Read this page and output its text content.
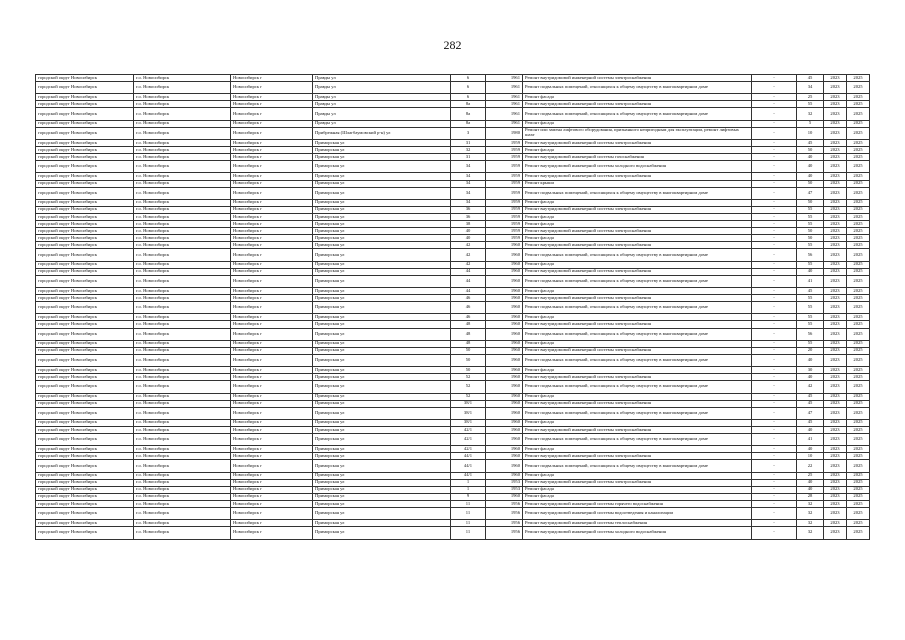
282
городской округ Новосибирск	г.о. Новосибирск	Новосибирск г	Правды ул	6	1961	Ремонт внутридомовой инженерной системы электроснабжения	-	45	2023	2025
городской округ Новосибирск	г.о. Новосибирск	Новосибирск г	Правды ул	6	1961	Ремонт подвальных помещений, относящихся к общему имуществу в многоквартирном доме	-	34	2023	2025
городской округ Новосибирск	г.о. Новосибирск	Новосибирск г	Правды ул	6	1961	Ремонт фасада	-	25	2023	2025
городской округ Новосибирск	г.о. Новосибирск	Новосибирск г	Правды ул	8а	1961	Ремонт внутридомовой инженерной системы электроснабжения	-	55	2023	2025
городской округ Новосибирск	г.о. Новосибирск	Новосибирск г	Правды ул	8а	1961	Ремонт подвальных помещений, относящихся к общему имуществу в многоквартирном доме	-	32	2023	2025
городской округ Новосибирск	г.о. Новосибирск	Новосибирск г	Правды ул	8а	1961	Ремонт фасада	-	5	2023	2025
городской округ Новосибирск	г.о. Новосибирск	Новосибирск г	Прибрежная (Шлагбаумовский р-н) ул	3	1980	Ремонт или замена лифтового оборудования, признанного непригодным для эксплуатации, ремонт лифтовых шахт	-	10	2023	2025
городской округ Новосибирск	г.о. Новосибирск	Новосибирск г	Приморская ул	31	1959	Ремонт внутридомовой инженерной системы электроснабжения	-	45	2023	2025
городской округ Новосибирск	г.о. Новосибирск	Новосибирск г	Приморская ул	32	1959	Ремонт фасада	-	50	2023	2025
городской округ Новосибирск	г.о. Новосибирск	Новосибирск г	Приморская ул	31	1959	Ремонт внутридомовой инженерной системы газоснабжения	-	40	2023	2025
городской округ Новосибирск	г.о. Новосибирск	Новосибирск г	Приморская ул	34	1959	Ремонт внутридомовой инженерной системы холодного водоснабжения	-	40	2023	2025
городской округ Новосибирск	г.о. Новосибирск	Новосибирск г	Приморская ул	34	1959	Ремонт внутридомовой инженерной системы электроснабжения	-	40	2023	2025
городской округ Новосибирск	г.о. Новосибирск	Новосибирск г	Приморская ул	34	1959	Ремонт крыши	-	50	2023	2025
городской округ Новосибирск	г.о. Новосибирск	Новосибирск г	Приморская ул	34	1959	Ремонт подвальных помещений, относящихся к общему имуществу в многоквартирном доме	-	47	2023	2025
городской округ Новосибирск	г.о. Новосибирск	Новосибирск г	Приморская ул	34	1959	Ремонт фасада	-	50	2023	2025
городской округ Новосибирск	г.о. Новосибирск	Новосибирск г	Приморская ул	36	1959	Ремонт внутридомовой инженерной системы электроснабжения	-	55	2023	2025
городской округ Новосибирск	г.о. Новосибирск	Новосибирск г	Приморская ул	36	1959	Ремонт фасада	-	55	2023	2025
городской округ Новосибирск	г.о. Новосибирск	Новосибирск г	Приморская ул	38	1959	Ремонт фасада	-	55	2023	2025
городской округ Новосибирск	г.о. Новосибирск	Новосибирск г	Приморская ул	40	1959	Ремонт внутридомовой инженерной системы электроснабжения	-	50	2023	2025
городской округ Новосибирск	г.о. Новосибирск	Новосибирск г	Приморская ул	40	1959	Ремонт фасада	-	50	2023	2025
городской округ Новосибирск	г.о. Новосибирск	Новосибирск г	Приморская ул	42	1960	Ремонт внутридомовой инженерной системы электроснабжения	-	55	2023	2025
городской округ Новосибирск	г.о. Новосибирск	Новосибирск г	Приморская ул	42	1960	Ремонт подвальных помещений, относящихся к общему имуществу в многоквартирном доме	-	56	2023	2025
городской округ Новосибирск	г.о. Новосибирск	Новосибирск г	Приморская ул	42	1960	Ремонт фасада	-	55	2023	2025
городской округ Новосибирск	г.о. Новосибирск	Новосибирск г	Приморская ул	44	1960	Ремонт внутридомовой инженерной системы электроснабжения	-	40	2023	2025
городской округ Новосибирск	г.о. Новосибирск	Новосибирск г	Приморская ул	44	1960	Ремонт подвальных помещений, относящихся к общему имуществу в многоквартирном доме	-	41	2023	2025
городской округ Новосибирск	г.о. Новосибирск	Новосибирск г	Приморская ул	44	1960	Ремонт фасада	-	45	2023	2025
городской округ Новосибирск	г.о. Новосибирск	Новосибирск г	Приморская ул	46	1960	Ремонт внутридомовой инженерной системы электроснабжения	-	55	2023	2025
городской округ Новосибирск	г.о. Новосибирск	Новосибирск г	Приморская ул	46	1960	Ремонт подвальных помещений, относящихся к общему имуществу в многоквартирном доме	-	55	2023	2025
городской округ Новосибирск	г.о. Новосибирск	Новосибирск г	Приморская ул	46	1960	Ремонт фасада	-	55	2023	2025
городской округ Новосибирск	г.о. Новосибирск	Новосибирск г	Приморская ул	48	1960	Ремонт внутридомовой инженерной системы электроснабжения	-	55	2023	2025
городской округ Новосибирск	г.о. Новосибирск	Новосибирск г	Приморская ул	48	1960	Ремонт подвальных помещений, относящихся к общему имуществу в многоквартирном доме	-	56	2023	2025
городской округ Новосибирск	г.о. Новосибирск	Новосибирск г	Приморская ул	48	1960	Ремонт фасада	-	55	2023	2025
городской округ Новосибирск	г.о. Новосибирск	Новосибирск г	Приморская ул	50	1960	Ремонт внутридомовой инженерной системы электроснабжения	-	20	2023	2025
городской округ Новосибирск	г.о. Новосибирск	Новосибирск г	Приморская ул	50	1960	Ремонт подвальных помещений, относящихся к общему имуществу в многоквартирном доме	-	40	2023	2025
городской округ Новосибирск	г.о. Новосибирск	Новосибирск г	Приморская ул	50	1960	Ремонт фасада	-	30	2023	2025
городской округ Новосибирск	г.о. Новосибирск	Новосибирск г	Приморская ул	52	1960	Ремонт внутридомовой инженерной системы электроснабжения	-	40	2023	2025
городской округ Новосибирск	г.о. Новосибирск	Новосибирск г	Приморская ул	52	1960	Ремонт подвальных помещений, относящихся к общему имуществу в многоквартирном доме	-	42	2023	2025
городской округ Новосибирск	г.о. Новосибирск	Новосибирск г	Приморская ул	52	1960	Ремонт фасада	-	45	2023	2025
городской округ Новосибирск	г.о. Новосибирск	Новосибирск г	Приморская ул	38/1	1960	Ремонт внутридомовой инженерной системы электроснабжения	-	45	2023	2025
городской округ Новосибирск	г.о. Новосибирск	Новосибирск г	Приморская ул	38/1	1960	Ремонт подвальных помещений, относящихся к общему имуществу в многоквартирном доме	-	47	2023	2025
городской округ Новосибирск	г.о. Новосибирск	Новосибирск г	Приморская ул	38/1	1960	Ремонт фасада	-	45	2023	2025
городской округ Новосибирск	г.о. Новосибирск	Новосибирск г	Приморская ул	42/1	1960	Ремонт внутридомовой инженерной системы электроснабжения	-	40	2023	2025
городской округ Новосибирск	г.о. Новосибирск	Новосибирск г	Приморская ул	42/1	1960	Ремонт подвальных помещений, относящихся к общему имуществу в многоквартирном доме	-	41	2023	2025
городской округ Новосибирск	г.о. Новосибирск	Новосибирск г	Приморская ул	42/1	1960	Ремонт фасада	-	40	2023	2025
городской округ Новосибирск	г.о. Новосибирск	Новосибирск г	Приморская ул	44/1	1960	Ремонт внутридомовой инженерной системы электроснабжения	-	10	2023	2025
городской округ Новосибирск	г.о. Новосибирск	Новосибирск г	Приморская ул	44/1	1960	Ремонт подвальных помещений, относящихся к общему имуществу в многоквартирном доме	-	22	2023	2025
городской округ Новосибирск	г.о. Новосибирск	Новосибирск г	Приморская ул	44/1	1960	Ремонт фасада	-	25	2023	2025
городской округ Новосибирск	г.о. Новосибирск	Новосибирск г	Приморская ул	1	1953	Ремонт внутридомовой инженерной системы электроснабжения	-	40	2023	2025
городской округ Новосибирск	г.о. Новосибирск	Новосибирск г	Приморская ул	1	1953	Ремонт фасада	-	40	2023	2025
городской округ Новосибирск	г.о. Новосибирск	Новосибирск г	Приморская ул	9	1960	Ремонт фасада	-	28	2023	2025
городской округ Новосибирск	г.о. Новосибирск	Новосибирск г	Приморская ул	11	1956	Ремонт внутридомовой инженерной системы горячего водоснабжения	-	32	2023	2025
городской округ Новосибирск	г.о. Новосибирск	Новосибирск г	Приморская ул	11	1956	Ремонт внутридомовой инженерной системы водоотведения и канализации	-	32	2023	2025
городской округ Новосибирск	г.о. Новосибирск	Новосибирск г	Приморская ул	11	1956	Ремонт внутридомовой инженерной системы теплоснабжения	-	32	2023	2025
городской округ Новосибирск	г.о. Новосибирск	Новосибирск г	Приморская ул	11	1956	Ремонт внутридомовой инженерной системы холодного водоснабжения	-	32	2023	2025
